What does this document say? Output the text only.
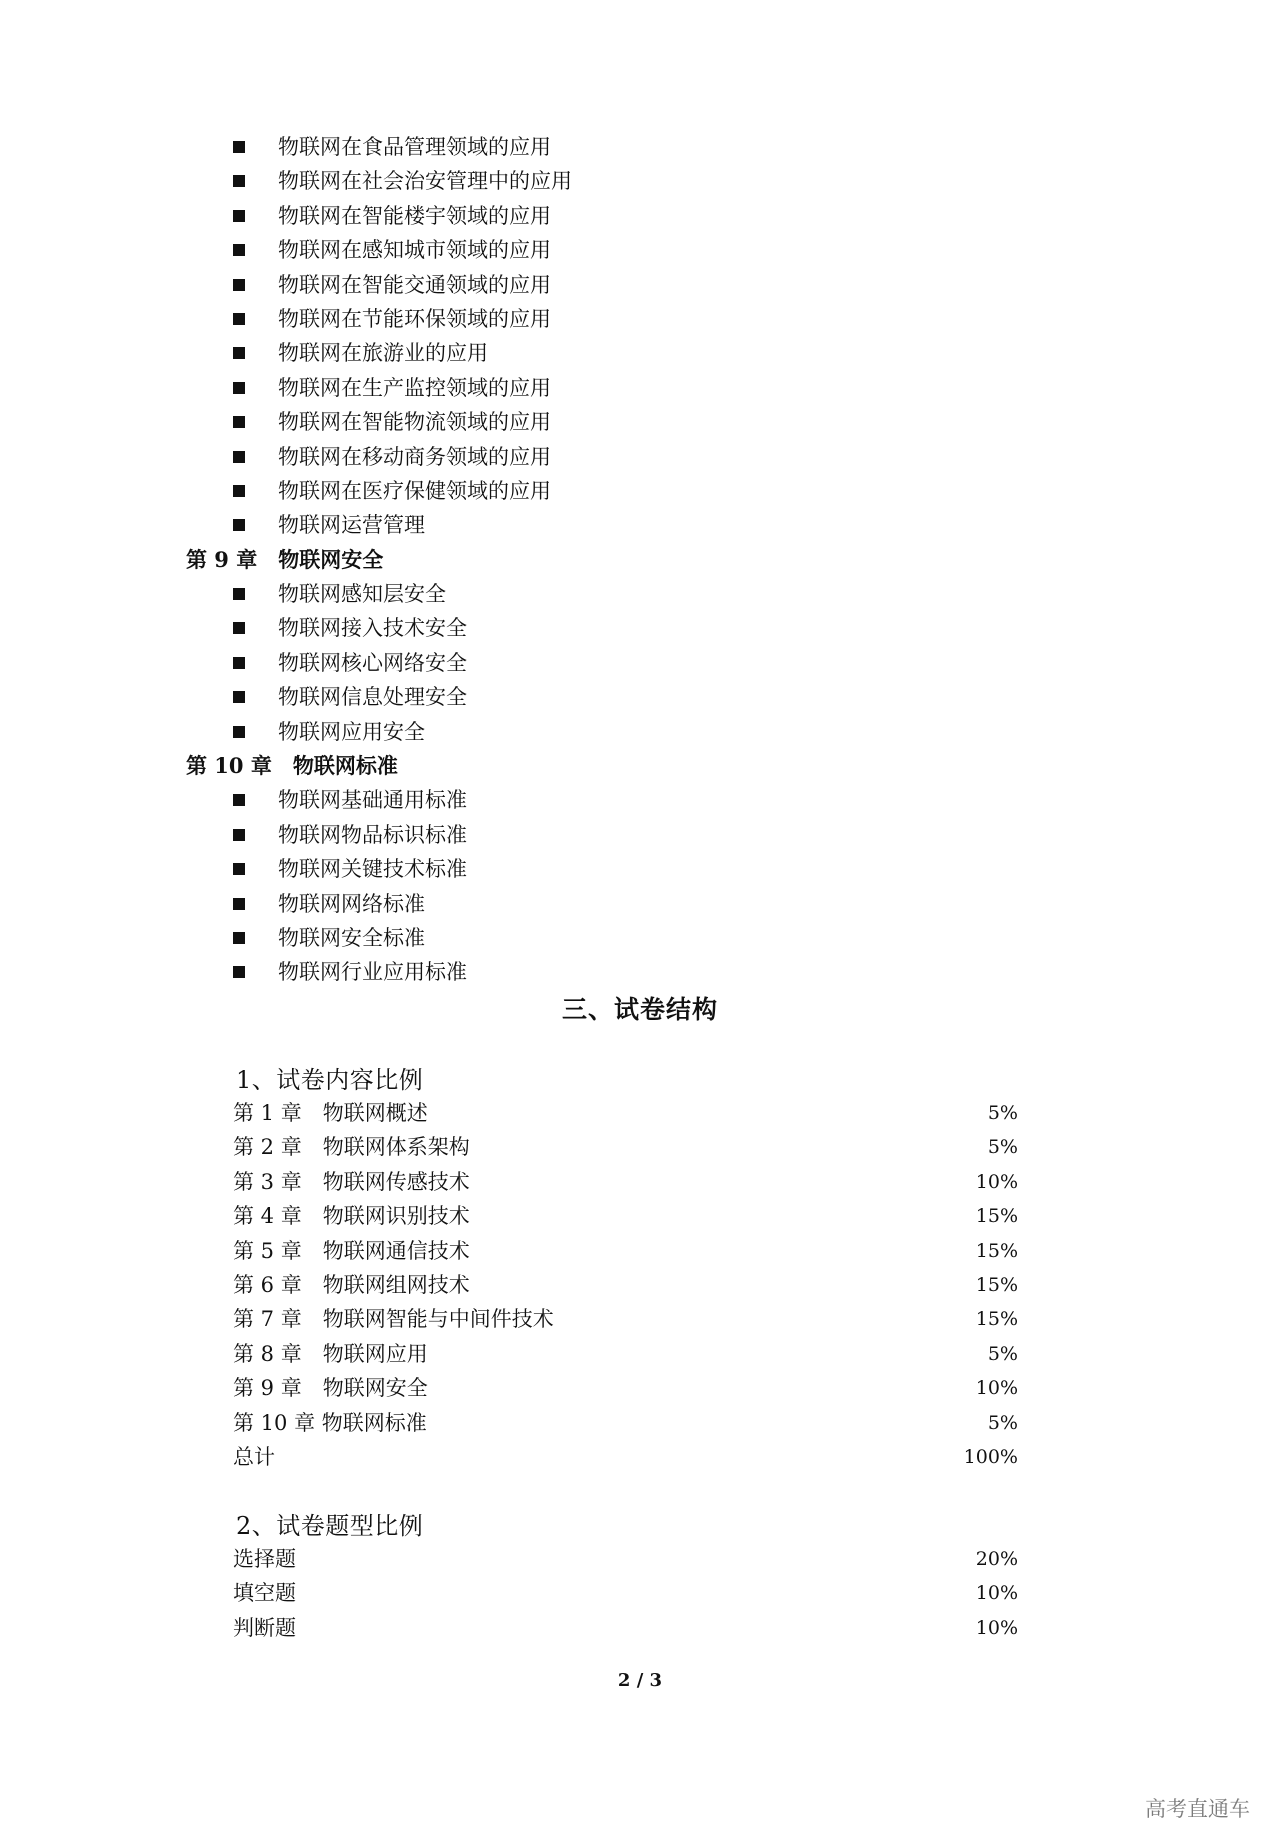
物联网在食品管理领域的应用
物联网在社会治安管理中的应用
物联网在智能楼宇领域的应用
物联网在感知城市领域的应用
物联网在智能交通领域的应用
物联网在节能环保领域的应用
物联网在旅游业的应用
物联网在生产监控领域的应用
物联网在智能物流领域的应用
物联网在移动商务领域的应用
物联网在医疗保健领域的应用
物联网运营管理
第 9 章　物联网安全
物联网感知层安全
物联网接入技术安全
物联网核心网络安全
物联网信息处理安全
物联网应用安全
第 10 章　物联网标准
物联网基础通用标准
物联网物品标识标准
物联网关键技术标准
物联网网络标准
物联网安全标准
物联网行业应用标准
三、试卷结构
1、试卷内容比例
第 1 章　物联网概述	5%
第 2 章　物联网体系架构	5%
第 3 章　物联网传感技术	10%
第 4 章　物联网识别技术	15%
第 5 章　物联网通信技术	15%
第 6 章　物联网组网技术	15%
第 7 章　物联网智能与中间件技术	15%
第 8 章　物联网应用	5%
第 9 章　物联网安全	10%
第 10 章 物联网标准	5%
总计	100%
2、试卷题型比例
选择题	20%
填空题	10%
判断题	10%
2 / 3
高考直通车
